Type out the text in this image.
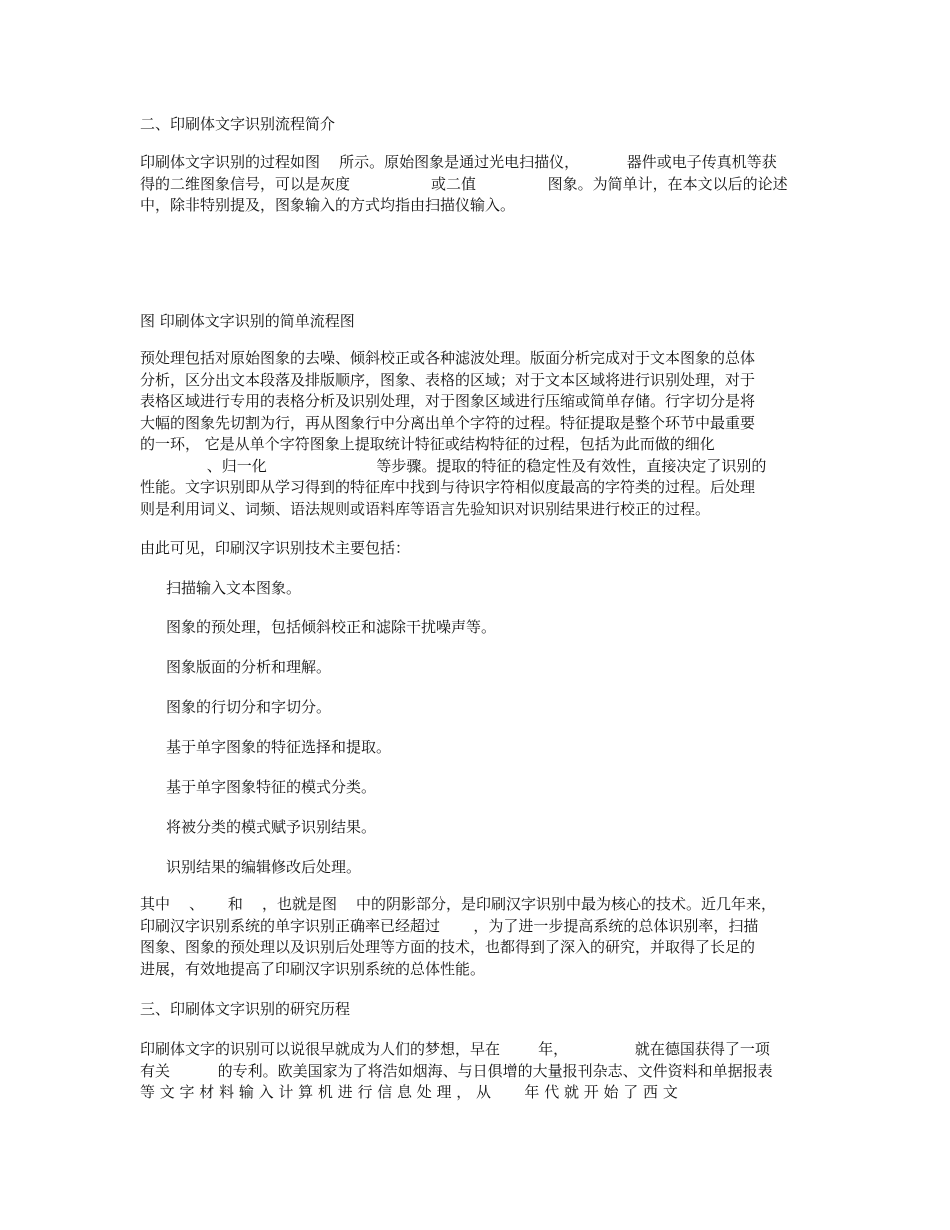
二、印刷体文字识别流程简介

印刷体文字识别的过程如图    所示。原始图象是通过光电扫描仪，          器件或电子传真机等获
得的二维图象信号，可以是灰度                 或二值               图象。为简单计，在本文以后的论述
中，除非特别提及，图象输入的方式均指由扫描仪输入。

图 印刷体文字识别的简单流程图

预处理包括对原始图象的去噪、倾斜校正或各种滤波处理。版面分析完成对于文本图象的总体
分析，区分出文本段落及排版顺序，图象、表格的区域；对于文本区域将进行识别处理，对于
表格区域进行专用的表格分析及识别处理，对于图象区域进行压缩或简单存储。行字切分是将
大幅的图象先切割为行，再从图象行中分离出单个字符的过程。特征提取是整个环节中最重要
的一环， 它是从单个字符图象上提取统计特征或结构特征的过程，包括为此而做的细化
、归一化                       等步骤。提取的特征的稳定性及有效性，直接决定了识别的
性能。文字识别即从学习得到的特征库中找到与待识字符相似度最高的字符类的过程。后处理
则是利用词义、词频、语法规则或语料库等语言先验知识对识别结果进行校正的过程。

由此可见，印刷汉字识别技术主要包括：

扫描输入文本图象。

图象的预处理，包括倾斜校正和滤除干扰噪声等。

图象版面的分析和理解。

图象的行切分和字切分。

基于单字图象的特征选择和提取。

基于单字图象特征的模式分类。

将被分类的模式赋予识别结果。

识别结果的编辑修改后处理。

其中    、     和    ，也就是图    中的阴影部分，是印刷汉字识别中最为核心的技术。近几年来，
印刷汉字识别系统的单字识别正确率已经超过       ，为了进一步提高系统的总体识别率，扫描
图象、图象的预处理以及识别后处理等方面的技术，也都得到了深入的研究，并取得了长足的
进展，有效地提高了印刷汉字识别系统的总体性能。

三、印刷体文字识别的研究历程

印刷体文字的识别可以说很早就成为人们的梦想，早在        年，              就在德国获得了一项
有关          的专利。欧美国家为了将浩如烟海、与日俱增的大量报刊杂志、文件资料和单据报表
等 文 字 材 料 输 入 计 算 机 进 行 信 息 处 理 ， 从       年 代 就 开 始 了 西 文
